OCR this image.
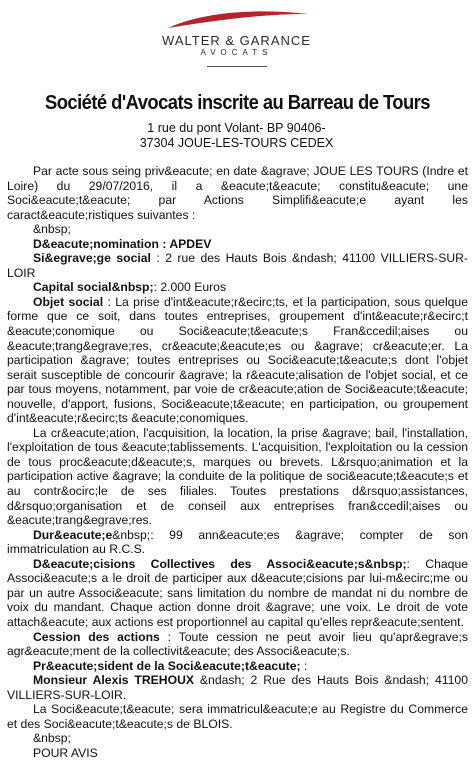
WALTER & GARANCE
AVOCATS
Société d'Avocats inscrite au Barreau de Tours
1 rue du pont Volant- BP 90406-
37304 JOUE-LES-TOURS CEDEX

Par acte sous seing priv&eacute; en date &agrave; JOUE LES TOURS (Indre et Loire) du 29/07/2016, il a &eacute;t&eacute; constitu&eacute; une Soci&eacute;t&eacute; par Actions Simplifi&eacute;e ayant les caract&eacute;ristiques suivantes :

&nbsp;

D&eacute;nomination : APDEV

Si&egrave;ge social : 2 rue des Hauts Bois &ndash; 41100 VILLIERS-SUR-LOIR

Capital social&nbsp;: 2.000 Euros

Objet social : La prise d'int&eacute;r&ecirc;ts, et la participation, sous quelque forme que ce soit, dans toutes entreprises, groupement d'int&eacute;r&ecirc;t &eacute;conomique ou Soci&eacute;t&eacute;s Fran&ccedil;aises ou &eacute;trang&egrave;res, cr&eacute;&eacute;es ou &agrave; cr&eacute;er. La participation &agrave; toutes entreprises ou Soci&eacute;t&eacute;s dont l'objet serait susceptible de concourir &agrave; la r&eacute;alisation de l'objet social, et ce par tous moyens, notamment, par voie de cr&eacute;ation de Soci&eacute;t&eacute; nouvelle, d'apport, fusions, Soci&eacute;t&eacute; en participation, ou groupement d'int&eacute;r&ecirc;ts &eacute;conomiques.

La cr&eacute;ation, l'acquisition, la location, la prise &agrave; bail, l'installation, l'exploitation de tous &eacute;tablissements. L'acquisition, l'exploitation ou la cession de tous proc&eacute;d&eacute;s, marques ou brevets. L&rsquo;animation et la participation active &agrave; la conduite de la politique de soci&eacute;t&eacute;s et au contr&ocirc;le de ses filiales. Toutes prestations d&rsquo;assistances, d&rsquo;organisation et de conseil aux entreprises fran&ccedil;aises ou &eacute;trang&egrave;res.

Dur&eacute;e&nbsp;: 99 ann&eacute;es &agrave; compter de son immatriculation au R.C.S.

D&eacute;cisions Collectives des Associ&eacute;s&nbsp;: Chaque Associ&eacute;s a le droit de participer aux d&eacute;cisions par lui-m&ecirc;me ou par un autre Associ&eacute; sans limitation du nombre de mandat ni du nombre de voix du mandant. Chaque action donne droit &agrave; une voix. Le droit de vote attach&eacute; aux actions est proportionnel au capital qu'elles repr&eacute;sentent.

Cession des actions : Toute cession ne peut avoir lieu qu'apr&egrave;s agr&eacute;ment de la collectivit&eacute; des Associ&eacute;s.

Pr&eacute;sident de la Soci&eacute;t&eacute; :

Monsieur Alexis TREHOUX &ndash; 2 Rue des Hauts Bois &ndash; 41100 VILLIERS-SUR-LOIR.

La Soci&eacute;t&eacute; sera immatricul&eacute;e au Registre du Commerce et des Soci&eacute;t&eacute;s de BLOIS.

&nbsp;

POUR AVIS
